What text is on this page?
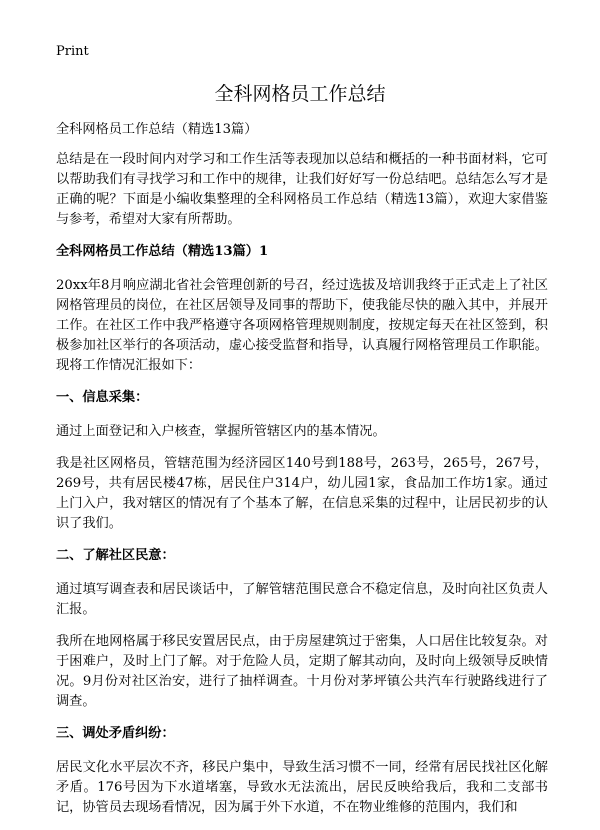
Print
全科网格员工作总结

全科网格员工作总结（精选13篇）

总结是在一段时间内对学习和工作生活等表现加以总结和概括的一种书面材料，它可以帮助我们有寻找学习和工作中的规律，让我们好好写一份总结吧。总结怎么写才是正确的呢？下面是小编收集整理的全科网格员工作总结（精选13篇），欢迎大家借鉴与参考，希望对大家有所帮助。

全科网格员工作总结（精选13篇）1

20xx年8月响应湖北省社会管理创新的号召，经过选拔及培训我终于正式走上了社区网格管理员的岗位，在社区居领导及同事的帮助下，使我能尽快的融入其中，并展开工作。在社区工作中我严格遵守各项网格管理规则制度，按规定每天在社区签到，积极参加社区举行的各项活动，虚心接受监督和指导，认真履行网格管理员工作职能。现将工作情况汇报如下：

一、信息采集：

通过上面登记和入户核查，掌握所管辖区内的基本情况。

我是社区网格员，管辖范围为经济园区140号到188号，263号，265号，267号，269号，共有居民楼47栋，居民住户314户，幼儿园1家，食品加工作坊1家。通过上门入户，我对辖区的情况有了个基本了解，在信息采集的过程中，让居民初步的认识了我们。

二、了解社区民意：

通过填写调查表和居民谈话中，了解管辖范围民意合不稳定信息，及时向社区负责人汇报。

我所在地网格属于移民安置居民点，由于房屋建筑过于密集，人口居住比较复杂。对于困难户，及时上门了解。对于危险人员，定期了解其动向，及时向上级领导反映情况。9月份对社区治安，进行了抽样调查。十月份对茅坪镇公共汽车行驶路线进行了调查。

三、调处矛盾纠纷：

居民文化水平层次不齐，移民户集中，导致生活习惯不一同，经常有居民找社区化解矛盾。176号因为下水道堵塞，导致水无法流出，居民反映给我后，我和二支部书记，协管员去现场看情况，因为属于外下水道，不在物业维修的范围内，我们和
